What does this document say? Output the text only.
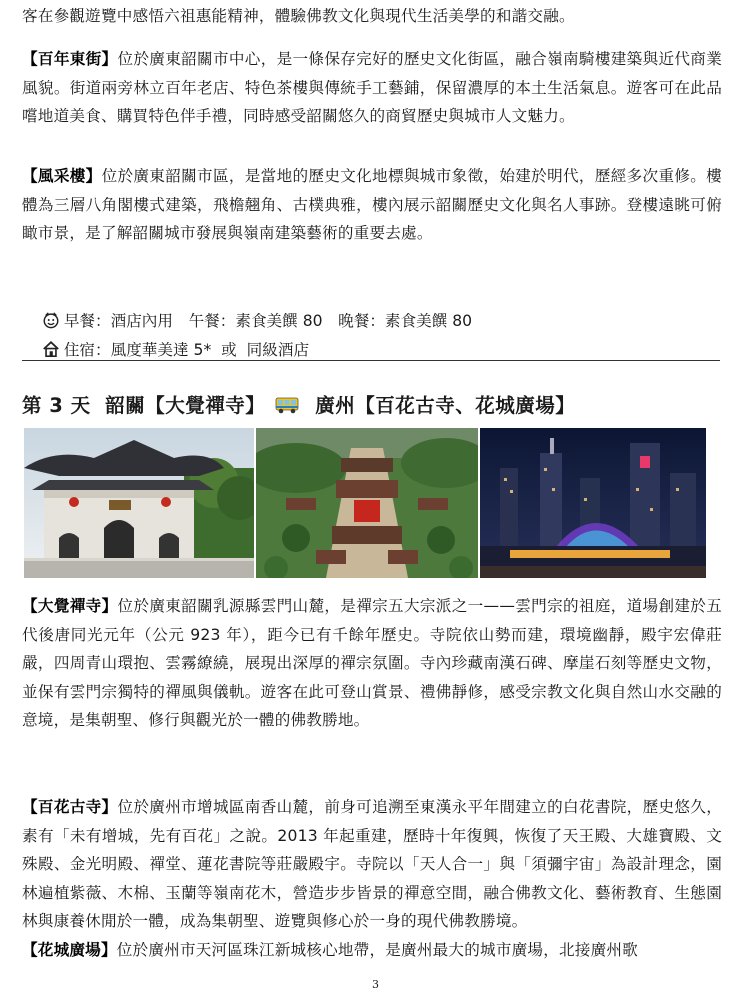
客在參觀遊覽中感悟六祖惠能精神，體驗佛教文化與現代生活美學的和諧交融。

【百年東街】位於廣東韶關市中心，是一條保存完好的歷史文化街區，融合嶺南騎樓建築與近代商業風貌。街道兩旁林立百年老店、特色茶樓與傳統手工藝鋪，保留濃厚的本土生活氣息。遊客可在此品嚐地道美食、購買特色伴手禮，同時感受韶關悠久的商貿歷史與城市人文魅力。

【風采樓】位於廣東韶關市區，是當地的歷史文化地標與城市象徵，始建於明代，歷經多次重修。樓體為三層八角閣樓式建築，飛檐翹角、古樸典雅，樓內展示韶關歷史文化與名人事跡。登樓遠眺可俯瞰市景，是了解韶關城市發展與嶺南建築藝術的重要去處。

早餐：酒店內用　午餐：素食美饌 80　晚餐：素食美饌 80

住宿：風度華美達 5*  或  同級酒店

第 3 天  韶關【大覺禪寺】	廣州【百花古寺、花城廣場】

【大覺禪寺】位於廣東韶關乳源縣雲門山麓，是禪宗五大宗派之一——雲門宗的祖庭，道場創建於五代後唐同光元年（公元 923 年），距今已有千餘年歷史。寺院依山勢而建，環境幽靜，殿宇宏偉莊嚴，四周青山環抱、雲霧繚繞，展現出深厚的禪宗氛圍。寺內珍藏南漢石碑、摩崖石刻等歷史文物，並保有雲門宗獨特的禪風與儀軌。遊客在此可登山賞景、禮佛靜修，感受宗教文化與自然山水交融的意境，是集朝聖、修行與觀光於一體的佛教勝地。

【百花古寺】位於廣州市增城區南香山麓，前身可追溯至東漢永平年間建立的白花書院，歷史悠久，素有「未有增城，先有百花」之說。2013 年起重建，歷時十年復興，恢復了天王殿、大雄寶殿、文殊殿、金光明殿、禪堂、蓮花書院等莊嚴殿宇。寺院以「天人合一」與「須彌宇宙」為設計理念，園林遍植紫薇、木棉、玉蘭等嶺南花木，營造步步皆景的禪意空間，融合佛教文化、藝術教育、生態園林與康養休閒於一體，成為集朝聖、遊覽與修心於一身的現代佛教勝境。

【花城廣場】位於廣州市天河區珠江新城核心地帶，是廣州最大的城市廣場，北接廣州歌

3
